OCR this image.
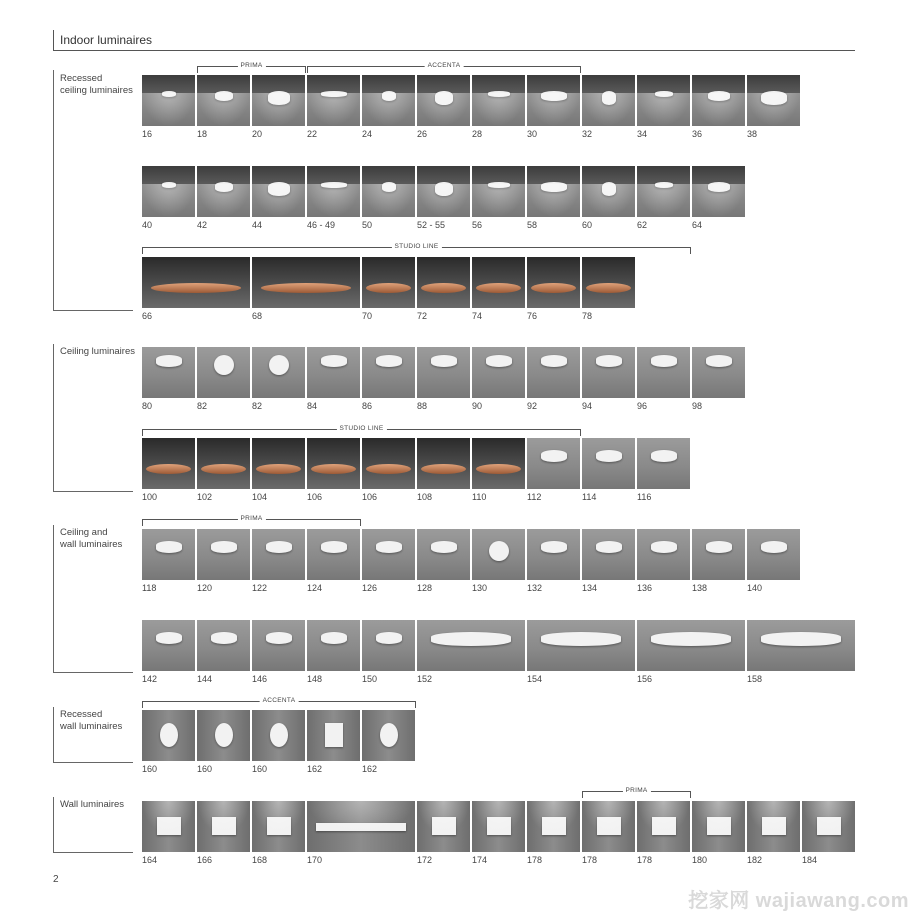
Indoor luminaires
Recessed
ceiling luminaires
Ceiling luminaires
Ceiling and
wall luminaires
Recessed
wall luminaires
Wall luminaires
PRIMA	ACCENTA
STUDIO LINE
STUDIO LINE
PRIMA
ACCENTA
PRIMA
16	18	20	22	24	26	28	30	32	34	36	38
40	42	44	46 - 49	50	52 - 55	56	58	60	62	64
66	68	70	72	74	76	78
80	82	82	84	86	88	90	92	94	96	98
100	102	104	106	106	108	110	112	114	116
118	120	122	124	126	128	130	132	134	136	138	140
142	144	146	148	150	152	154	156	158
160	160	160	162	162
164	166	168	170	172	174	178	178	178	180	182	184
2
挖家网 wajiawang.com
